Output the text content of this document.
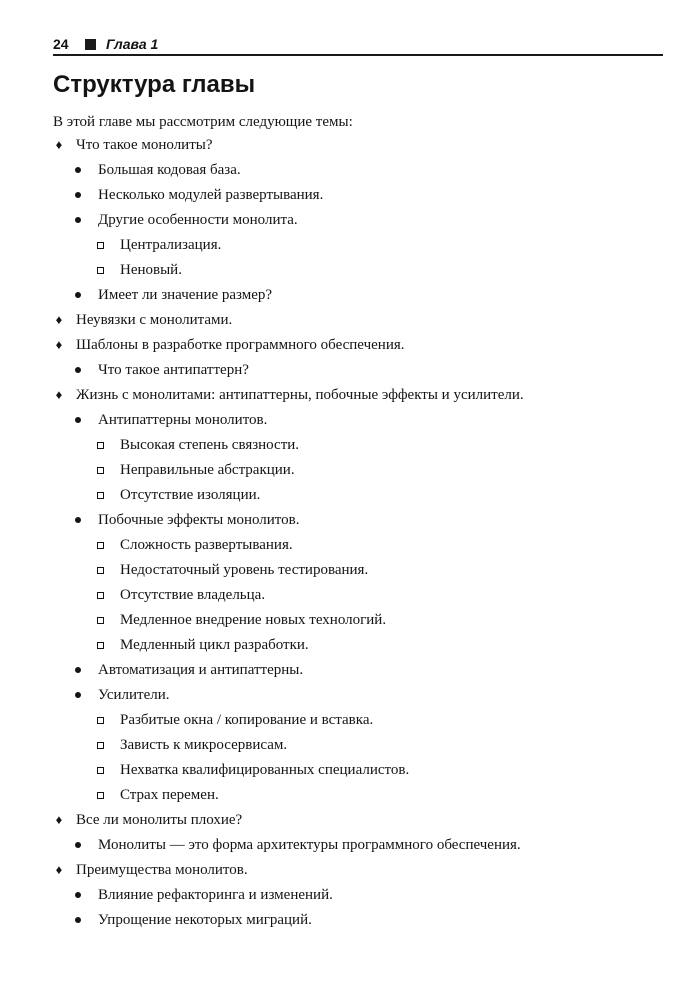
24	Глава 1
Структура главы
В этой главе мы рассмотрим следующие темы:
♦ Что такое монолиты?
Большая кодовая база.
Несколько модулей развертывания.
Другие особенности монолита.
Централизация.
Неновый.
Имеет ли значение размер?
♦ Неувязки с монолитами.
♦ Шаблоны в разработке программного обеспечения.
Что такое антипаттерн?
♦ Жизнь с монолитами: антипаттерны, побочные эффекты и усилители.
Антипаттерны монолитов.
Высокая степень связности.
Неправильные абстракции.
Отсутствие изоляции.
Побочные эффекты монолитов.
Сложность развертывания.
Недостаточный уровень тестирования.
Отсутствие владельца.
Медленное внедрение новых технологий.
Медленный цикл разработки.
Автоматизация и антипаттерны.
Усилители.
Разбитые окна / копирование и вставка.
Зависть к микросервисам.
Нехватка квалифицированных специалистов.
Страх перемен.
♦ Все ли монолиты плохие?
Монолиты — это форма архитектуры программного обеспечения.
♦ Преимущества монолитов.
Влияние рефакторинга и изменений.
Упрощение некоторых миграций.
